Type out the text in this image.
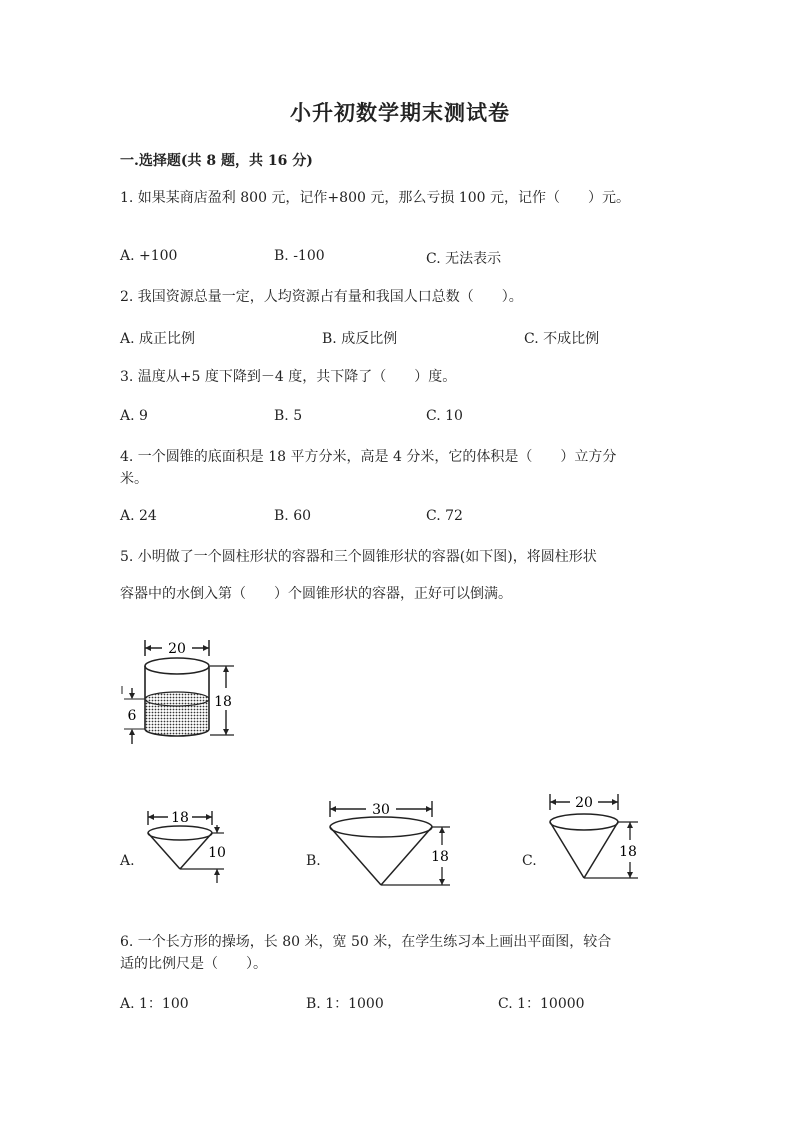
小升初数学期末测试卷
一.选择题(共 8 题，共 16 分)
1. 如果某商店盈利 800 元，记作+800 元，那么亏损 100 元，记作（　　）元。
A. +100	B. -100	C. 无法表示
2. 我国资源总量一定，人均资源占有量和我国人口总数（　　）。
A. 成正比例	B. 成反比例	C. 不成比例
3. 温度从+5 度下降到－4 度，共下降了（　　）度。
A. 9	B. 5	C. 10
4. 一个圆锥的底面积是 18 平方分米，高是 4 分米，它的体积是（　　）立方分
米。
A. 24	B. 60	C. 72
5. 小明做了一个圆柱形状的容器和三个圆锥形状的容器(如下图)，将圆柱形状
容器中的水倒入第（　　）个圆锥形状的容器，正好可以倒满。
20
18
6
A.
18
10	B.
30
18	C.
20
18
6. 一个长方形的操场，长 80 米，宽 50 米，在学生练习本上画出平面图，较合
适的比例尺是（　　）。
A. 1：100	B. 1：1000	C. 1：10000
